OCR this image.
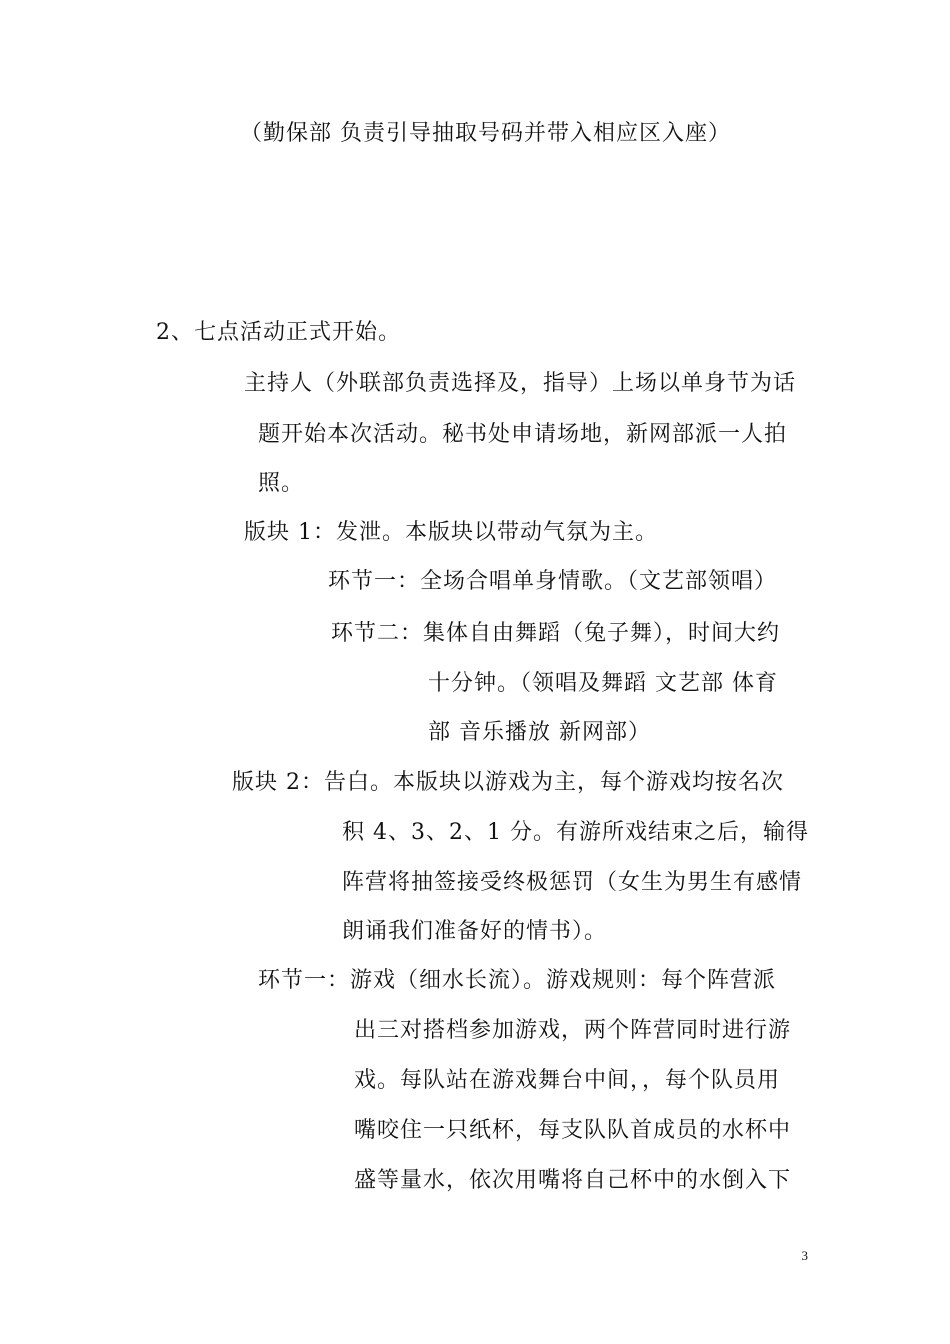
（勤保部 负责引导抽取号码并带入相应区入座）
2、七点活动正式开始。
主持人（外联部负责选择及，指导）上场以单身节为话
题开始本次活动。秘书处申请场地，新网部派一人拍
照。
版块 1：发泄。本版块以带动气氛为主。
环节一：全场合唱单身情歌。（文艺部领唱）
环节二：集体自由舞蹈（兔子舞），时间大约
十分钟。（领唱及舞蹈 文艺部 体育
部 音乐播放 新网部）
版块 2：告白。本版块以游戏为主，每个游戏均按名次
积 4、3、2、1 分。有游所戏结束之后，输得
阵营将抽签接受终极惩罚（女生为男生有感情
朗诵我们准备好的情书）。
环节一：游戏（细水长流）。游戏规则：每个阵营派
出三对搭档参加游戏，两个阵营同时进行游
戏。每队站在游戏舞台中间，，每个队员用
嘴咬住一只纸杯，每支队队首成员的水杯中
盛等量水，依次用嘴将自己杯中的水倒入下
3
